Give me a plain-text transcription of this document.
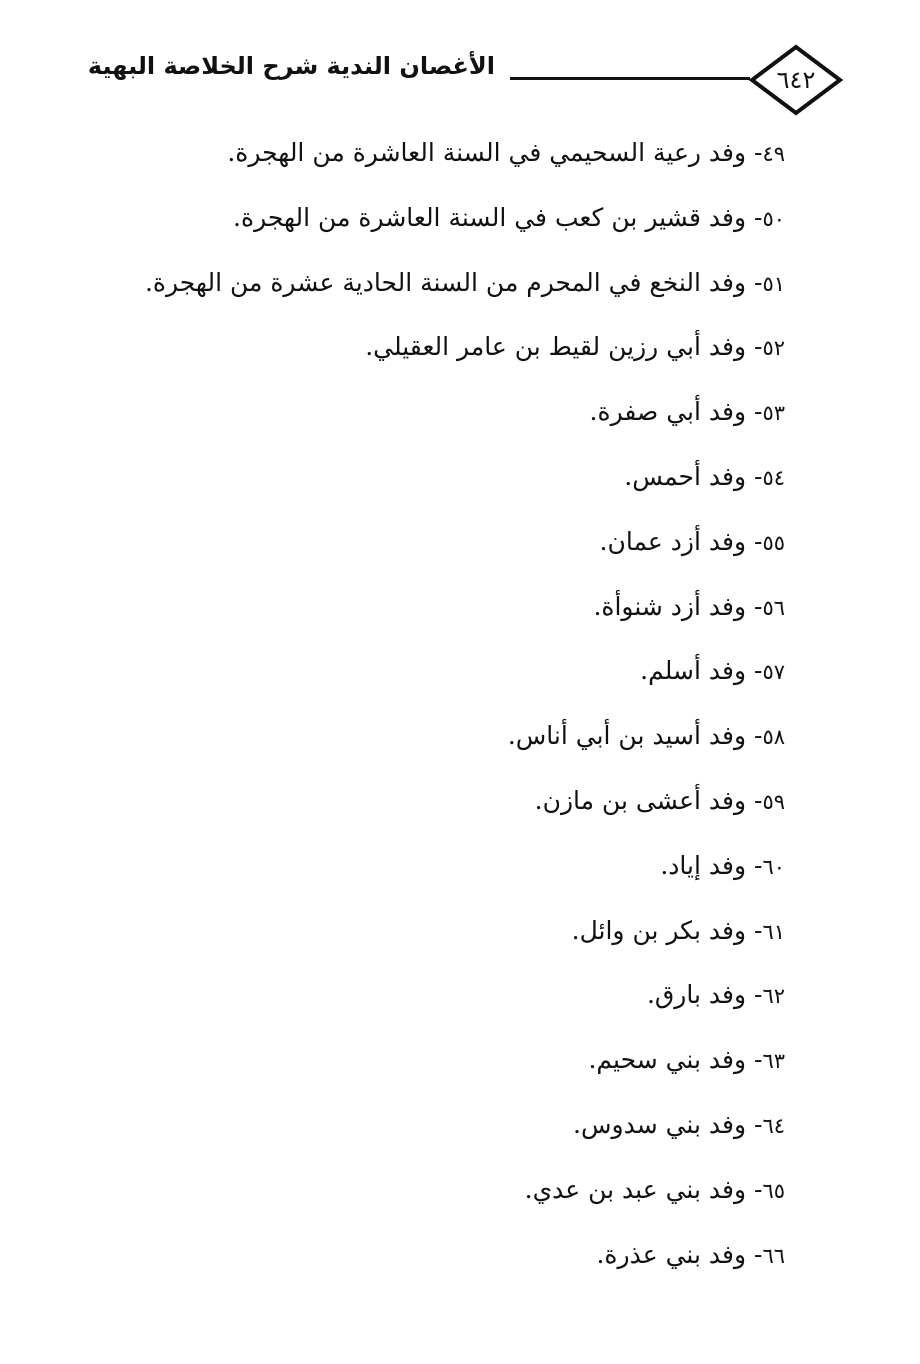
٦٤٢
الأغصان الندية شرح الخلاصة البهية
٤٩- وفد رعية السحيمي في السنة العاشرة من الهجرة.
٥٠- وفد قشير بن كعب في السنة العاشرة من الهجرة.
٥١- وفد النخع في المحرم من السنة الحادية عشرة من الهجرة.
٥٢- وفد أبي رزين لقيط بن عامر العقيلي.
٥٣- وفد أبي صفرة.
٥٤- وفد أحمس.
٥٥- وفد أزد عمان.
٥٦- وفد أزد شنوأة.
٥٧- وفد أسلم.
٥٨- وفد أسيد بن أبي أناس.
٥٩- وفد أعشى بن مازن.
٦٠- وفد إياد.
٦١- وفد بكر بن وائل.
٦٢- وفد بارق.
٦٣- وفد بني سحيم.
٦٤- وفد بني سدوس.
٦٥- وفد بني عبد بن عدي.
٦٦- وفد بني عذرة.
